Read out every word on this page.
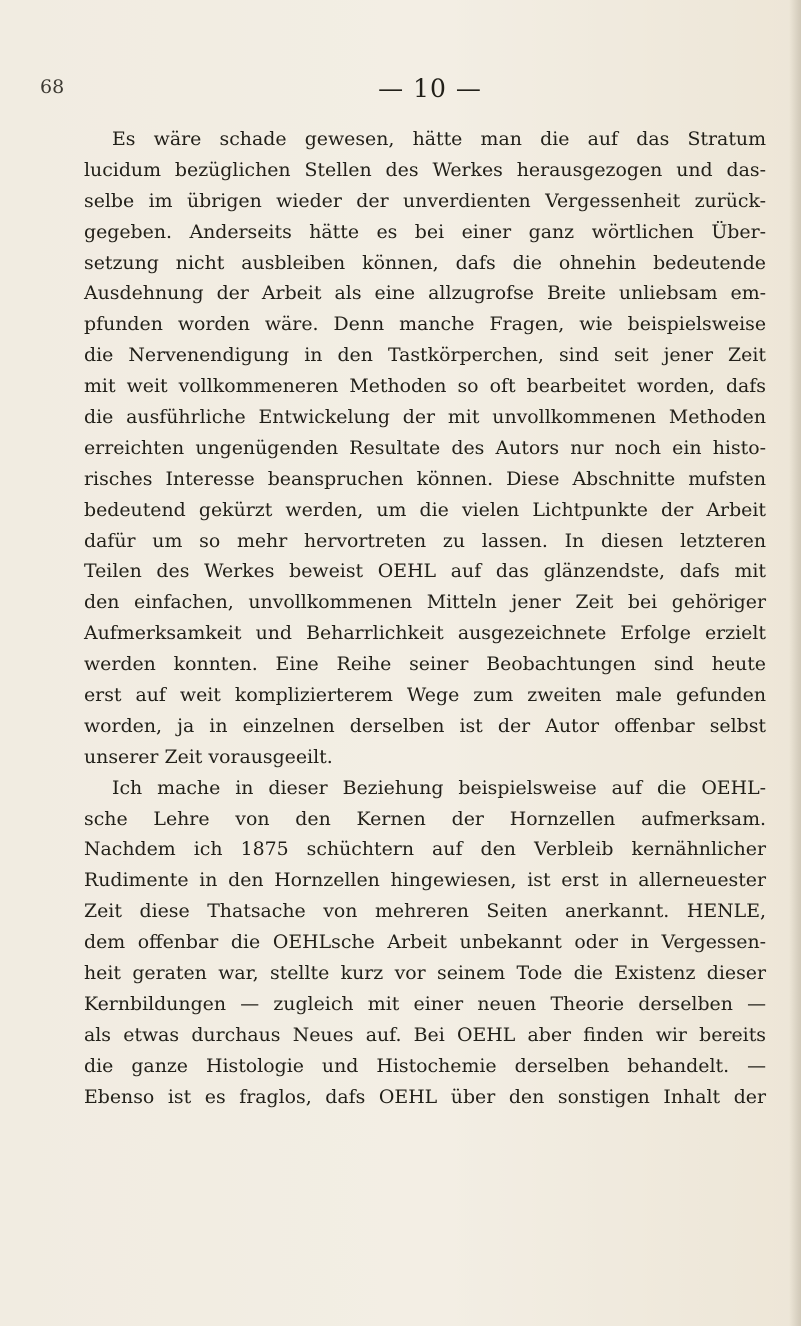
68	— 10 —
Es wäre schade gewesen, hätte man die auf das Stratum
lucidum bezüglichen Stellen des Werkes herausgezogen und das-
selbe im übrigen wieder der unverdienten Vergessenheit zurück-
gegeben. Anderseits hätte es bei einer ganz wörtlichen Über-
setzung nicht ausbleiben können, dafs die ohnehin bedeutende
Ausdehnung der Arbeit als eine allzugrofse Breite unliebsam em-
pfunden worden wäre. Denn manche Fragen, wie beispielsweise
die Nervenendigung in den Tastkörperchen, sind seit jener Zeit
mit weit vollkommeneren Methoden so oft bearbeitet worden, dafs
die ausführliche Entwickelung der mit unvollkommenen Methoden
erreichten ungenügenden Resultate des Autors nur noch ein histo-
risches Interesse beanspruchen können. Diese Abschnitte mufsten
bedeutend gekürzt werden, um die vielen Lichtpunkte der Arbeit
dafür um so mehr hervortreten zu lassen. In diesen letzteren
Teilen des Werkes beweist OEHL auf das glänzendste, dafs mit
den einfachen, unvollkommenen Mitteln jener Zeit bei gehöriger
Aufmerksamkeit und Beharrlichkeit ausgezeichnete Erfolge erzielt
werden konnten. Eine Reihe seiner Beobachtungen sind heute
erst auf weit komplizierterem Wege zum zweiten male gefunden
worden, ja in einzelnen derselben ist der Autor offenbar selbst
unserer Zeit vorausgeeilt.
Ich mache in dieser Beziehung beispielsweise auf die OEHL-
sche Lehre von den Kernen der Hornzellen aufmerksam.
Nachdem ich 1875 schüchtern auf den Verbleib kernähnlicher
Rudimente in den Hornzellen hingewiesen, ist erst in allerneuester
Zeit diese Thatsache von mehreren Seiten anerkannt. HENLE,
dem offenbar die OEHLsche Arbeit unbekannt oder in Vergessen-
heit geraten war, stellte kurz vor seinem Tode die Existenz dieser
Kernbildungen — zugleich mit einer neuen Theorie derselben —
als etwas durchaus Neues auf. Bei OEHL aber finden wir bereits
die ganze Histologie und Histochemie derselben behandelt. —
Ebenso ist es fraglos, dafs OEHL über den sonstigen Inhalt der
